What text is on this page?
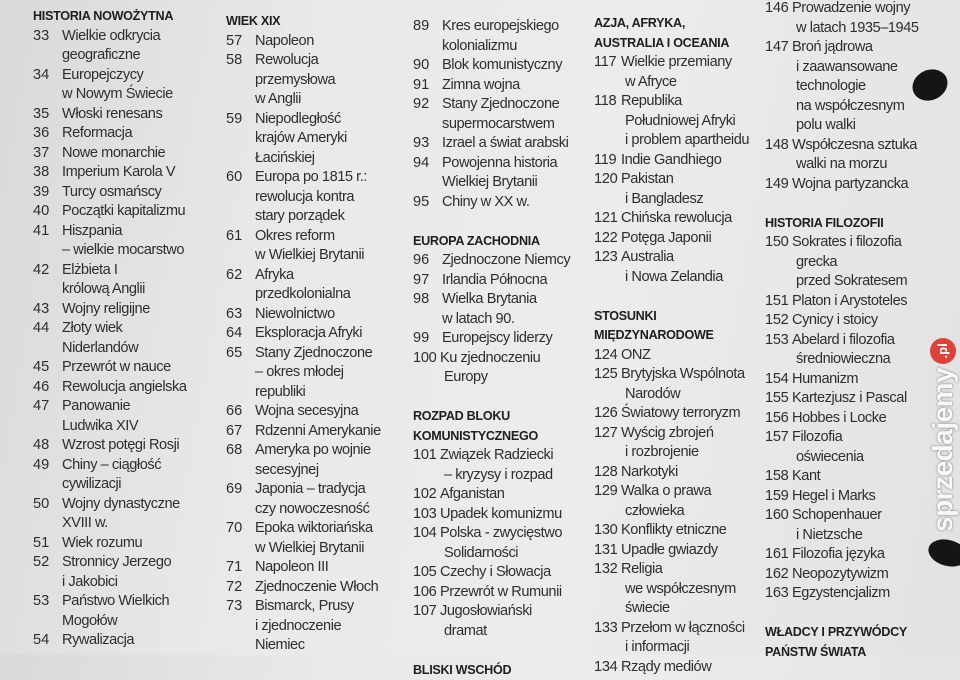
HISTORIA NOWOŻYTNA
33 Wielkie odkrycia
geograficzne
34 Europejczycy
w Nowym Świecie
35 Włoski renesans
36 Reformacja
37 Nowe monarchie
38 Imperium Karola V
39 Turcy osmańscy
40 Początki kapitalizmu
41 Hiszpania
– wielkie mocarstwo
42 Elżbieta I
królową Anglii
43 Wojny religijne
44 Złoty wiek
Niderlandów
45 Przewrót w nauce
46 Rewolucja angielska
47 Panowanie
Ludwika XIV
48 Wzrost potęgi Rosji
49 Chiny – ciągłość
cywilizacji
50 Wojny dynastyczne
XVIII w.
51 Wiek rozumu
52 Stronnicy Jerzego
i Jakobici
53 Państwo Wielkich
Mogołów
54 Rywalizacja
WIEK XIX
57 Napoleon
58 Rewolucja
przemysłowa
w Anglii
59 Niepodległość
krajów Ameryki
Łacińskiej
60 Europa po 1815 r.:
rewolucja kontra
stary porządek
61 Okres reform
w Wielkiej Brytanii
62 Afryka
przedkolonialna
63 Niewolnictwo
64 Eksploracja Afryki
65 Stany Zjednoczone
– okres młodej
republiki
66 Wojna secesyjna
67 Rdzenni Amerykanie
68 Ameryka po wojnie
secesyjnej
69 Japonia – tradycja
czy nowoczesność
70 Epoka wiktoriańska
w Wielkiej Brytanii
71 Napoleon III
72 Zjednoczenie Włoch
73 Bismarck, Prusy
i zjednoczenie
Niemiec
89 Kres europejskiego
kolonializmu
90 Blok komunistyczny
91 Zimna wojna
92 Stany Zjednoczone
supermocarstwem
93 Izrael a świat arabski
94 Powojenna historia
Wielkiej Brytanii
95 Chiny w XX w.
EUROPA ZACHODNIA
96 Zjednoczone Niemcy
97 Irlandia Północna
98 Wielka Brytania
w latach 90.
99 Europejscy liderzy
100 Ku zjednoczeniu
Europy
ROZPAD BLOKU
KOMUNISTYCZNEGO
101 Związek Radziecki
– kryzysy i rozpad
102 Afganistan
103 Upadek komunizmu
104 Polska - zwycięstwo
Solidarności
105 Czechy i Słowacja
106 Przewrót w Rumunii
107 Jugosłowiański
dramat
BLISKI WSCHÓD
AZJA, AFRYKA,
AUSTRALIA I OCEANIA
117 Wielkie przemiany
w Afryce
118 Republika
Południowej Afryki
i problem apartheidu
119 Indie Gandhiego
120 Pakistan
i Bangladesz
121 Chińska rewolucja
122 Potęga Japonii
123 Australia
i Nowa Zelandia
STOSUNKI
MIĘDZYNARODOWE
124 ONZ
125 Brytyjska Wspólnota
Narodów
126 Światowy terroryzm
127 Wyścig zbrojeń
i rozbrojenie
128 Narkotyki
129 Walka o prawa
człowieka
130 Konflikty etniczne
131 Upadłe gwiazdy
132 Religia
we współczesnym
świecie
133 Przełom w łączności
i informacji
134 Rządy mediów
146 Prowadzenie wojny
w latach 1935–1945
147 Broń jądrowa
i zaawansowane
technologie
na współczesnym
polu walki
148 Współczesna sztuka
walki na morzu
149 Wojna partyzancka
HISTORIA FILOZOFII
150 Sokrates i filozofia
grecka
przed Sokratesem
151 Platon i Arystoteles
152 Cynicy i stoicy
153 Abelard i filozofia
średniowieczna
154 Humanizm
155 Kartezjusz i Pascal
156 Hobbes i Locke
157 Filozofia
oświecenia
158 Kant
159 Hegel i Marks
160 Schopenhauer
i Nietzsche
161 Filozofia języka
162 Neopozytywizm
163 Egzystencjalizm
WŁADCY I PRZYWÓDCY
PAŃSTW ŚWIATA
sprzedajemy
.pl
